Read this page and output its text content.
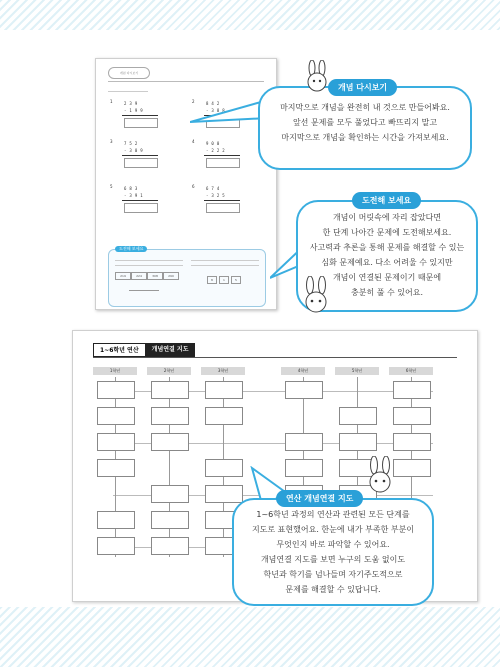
개념 다시보기
1	239
-199
2	842
-388
3	752
-309
4	900
-222
5	683
-391
6	674
-325
도전해 보세요
219	224	308	290
8	1	5
마지막으로 개념을 완전히 내 것으로 만들어봐요.
앞선 문제를 모두 풀었다고 빠뜨리지 말고
마지막으로 개념을 확인하는 시간을 가져보세요.
개념 다시보기
개념이 머릿속에 자리 잡았다면
한 단계 나아간 문제에 도전해보세요.
사고력과 추론을 통해 문제를 해결할 수 있는
심화 문제예요. 다소 어려울 수 있지만
개념이 연결된 문제이기 때문에
충분히 풀 수 있어요.
도전해 보세요
1~6학년 연산	개념연결 지도
1학년	2학년	3학년	4학년	5학년	6학년
1~6학년 과정의 연산과 관련된 모든 단계를
지도로 표현했어요. 한눈에 내가 부족한 부분이
무엇인지 바로 파악할 수 있어요.
개념연결 지도를 보면 누구의 도움 없이도
학년과 학기를 넘나들며 자기주도적으로
문제를 해결할 수 있답니다.
연산 개념연결 지도
